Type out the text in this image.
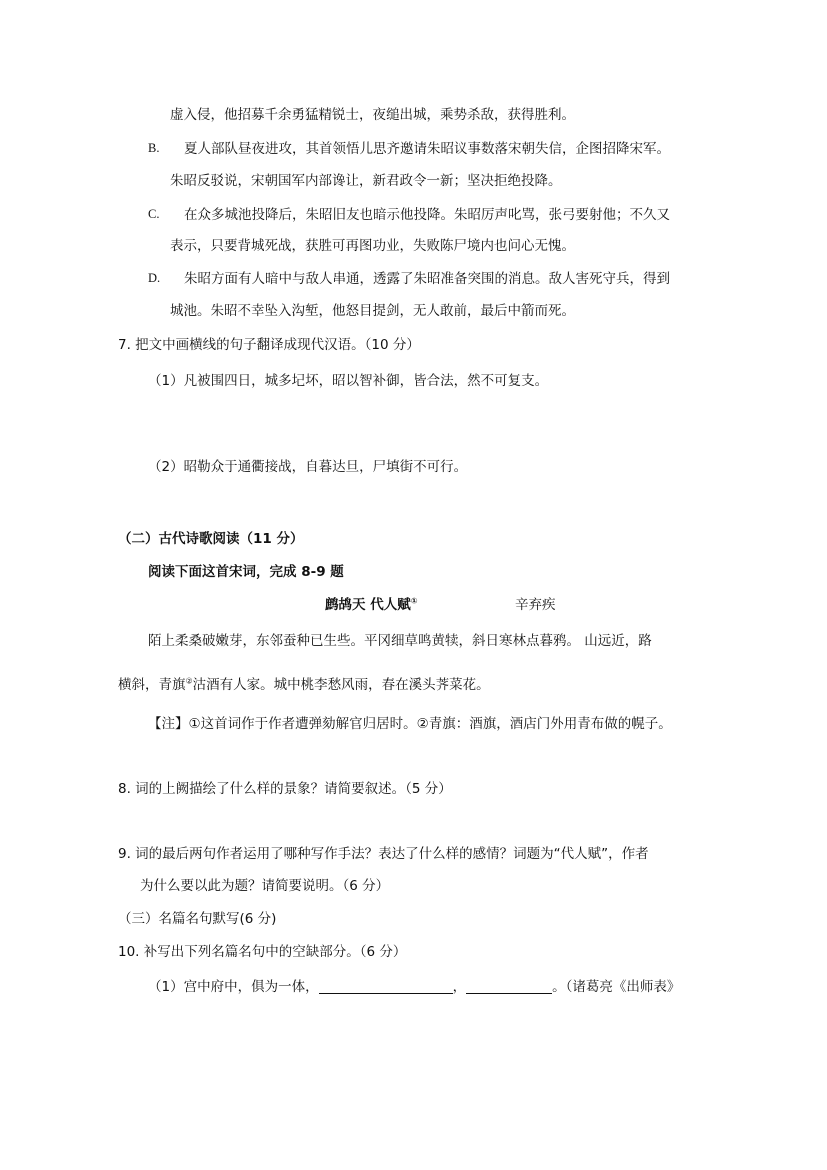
虚入侵，他招募千余勇猛精锐士，夜缒出城，乘势杀敌，获得胜利。
B. 夏人部队昼夜进攻，其首领悟儿思齐邀请朱昭议事数落宋朝失信，企图招降宋军。
朱昭反驳说，宋朝国军内部谗让，新君政令一新；坚决拒绝投降。
C. 在众多城池投降后，朱昭旧友也暗示他投降。朱昭厉声叱骂，张弓要射他；不久又
表示，只要背城死战，获胜可再图功业，失败陈尸境内也问心无愧。
D. 朱昭方面有人暗中与敌人串通，透露了朱昭准备突围的消息。敌人害死守兵，得到
城池。朱昭不幸坠入沟堑，他怒目提剑，无人敢前，最后中箭而死。
7. 把文中画横线的句子翻译成现代汉语。（10 分）
（1）凡被围四日，城多圮坏，昭以智补御，皆合法，然不可复支。
（2）昭勒众于通衢接战，自暮达旦，尸填街不可行。
（二）古代诗歌阅读（11 分）
阅读下面这首宋词，完成 8-9 题
鹧鸪天 代人赋①	辛弃疾
陌上柔桑破嫩芽，东邻蚕种已生些。平冈细草鸣黄犊，斜日寒林点暮鸦。 山远近，路
横斜，青旗②沽酒有人家。城中桃李愁风雨，春在溪头荠菜花。
【注】①这首词作于作者遭弹劾解官归居时。②青旗：酒旗，酒店门外用青布做的幌子。
8. 词的上阙描绘了什么样的景象？请简要叙述。（5 分）
9. 词的最后两句作者运用了哪种写作手法？表达了什么样的感情？词题为“代人赋”，作者
为什么要以此为题？请简要说明。（6 分）
（三）名篇名句默写(6 分)
10. 补写出下列名篇名句中的空缺部分。（6 分）
（1）宫中府中，俱为一体，	，	。（诸葛亮《出师表》
